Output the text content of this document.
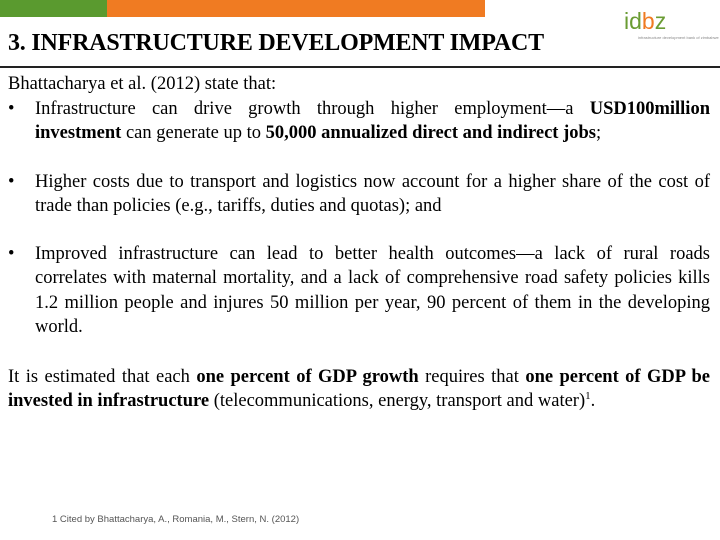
3. INFRASTRUCTURE DEVELOPMENT IMPACT
idbz
infrastructure development bank of zimbabwe

Bhattacharya et al. (2012) state that:

• Infrastructure can drive growth through higher employment—a USD100million investment can generate up to 50,000 annualized direct and indirect jobs;
• Higher costs due to transport and logistics now account for a higher share of the cost of trade than policies (e.g., tariffs, duties and quotas); and
• Improved infrastructure can lead to better health outcomes—a lack of rural roads correlates with maternal mortality, and a lack of comprehensive road safety policies kills 1.2 million people and injures 50 million per year, 90 percent of them in the developing world.

It is estimated that each one percent of GDP growth requires that one percent of GDP be invested in infrastructure (telecommunications, energy, transport and water)$^1$.

1 Cited by Bhattacharya, A., Romania, M., Stern, N. (2012)
